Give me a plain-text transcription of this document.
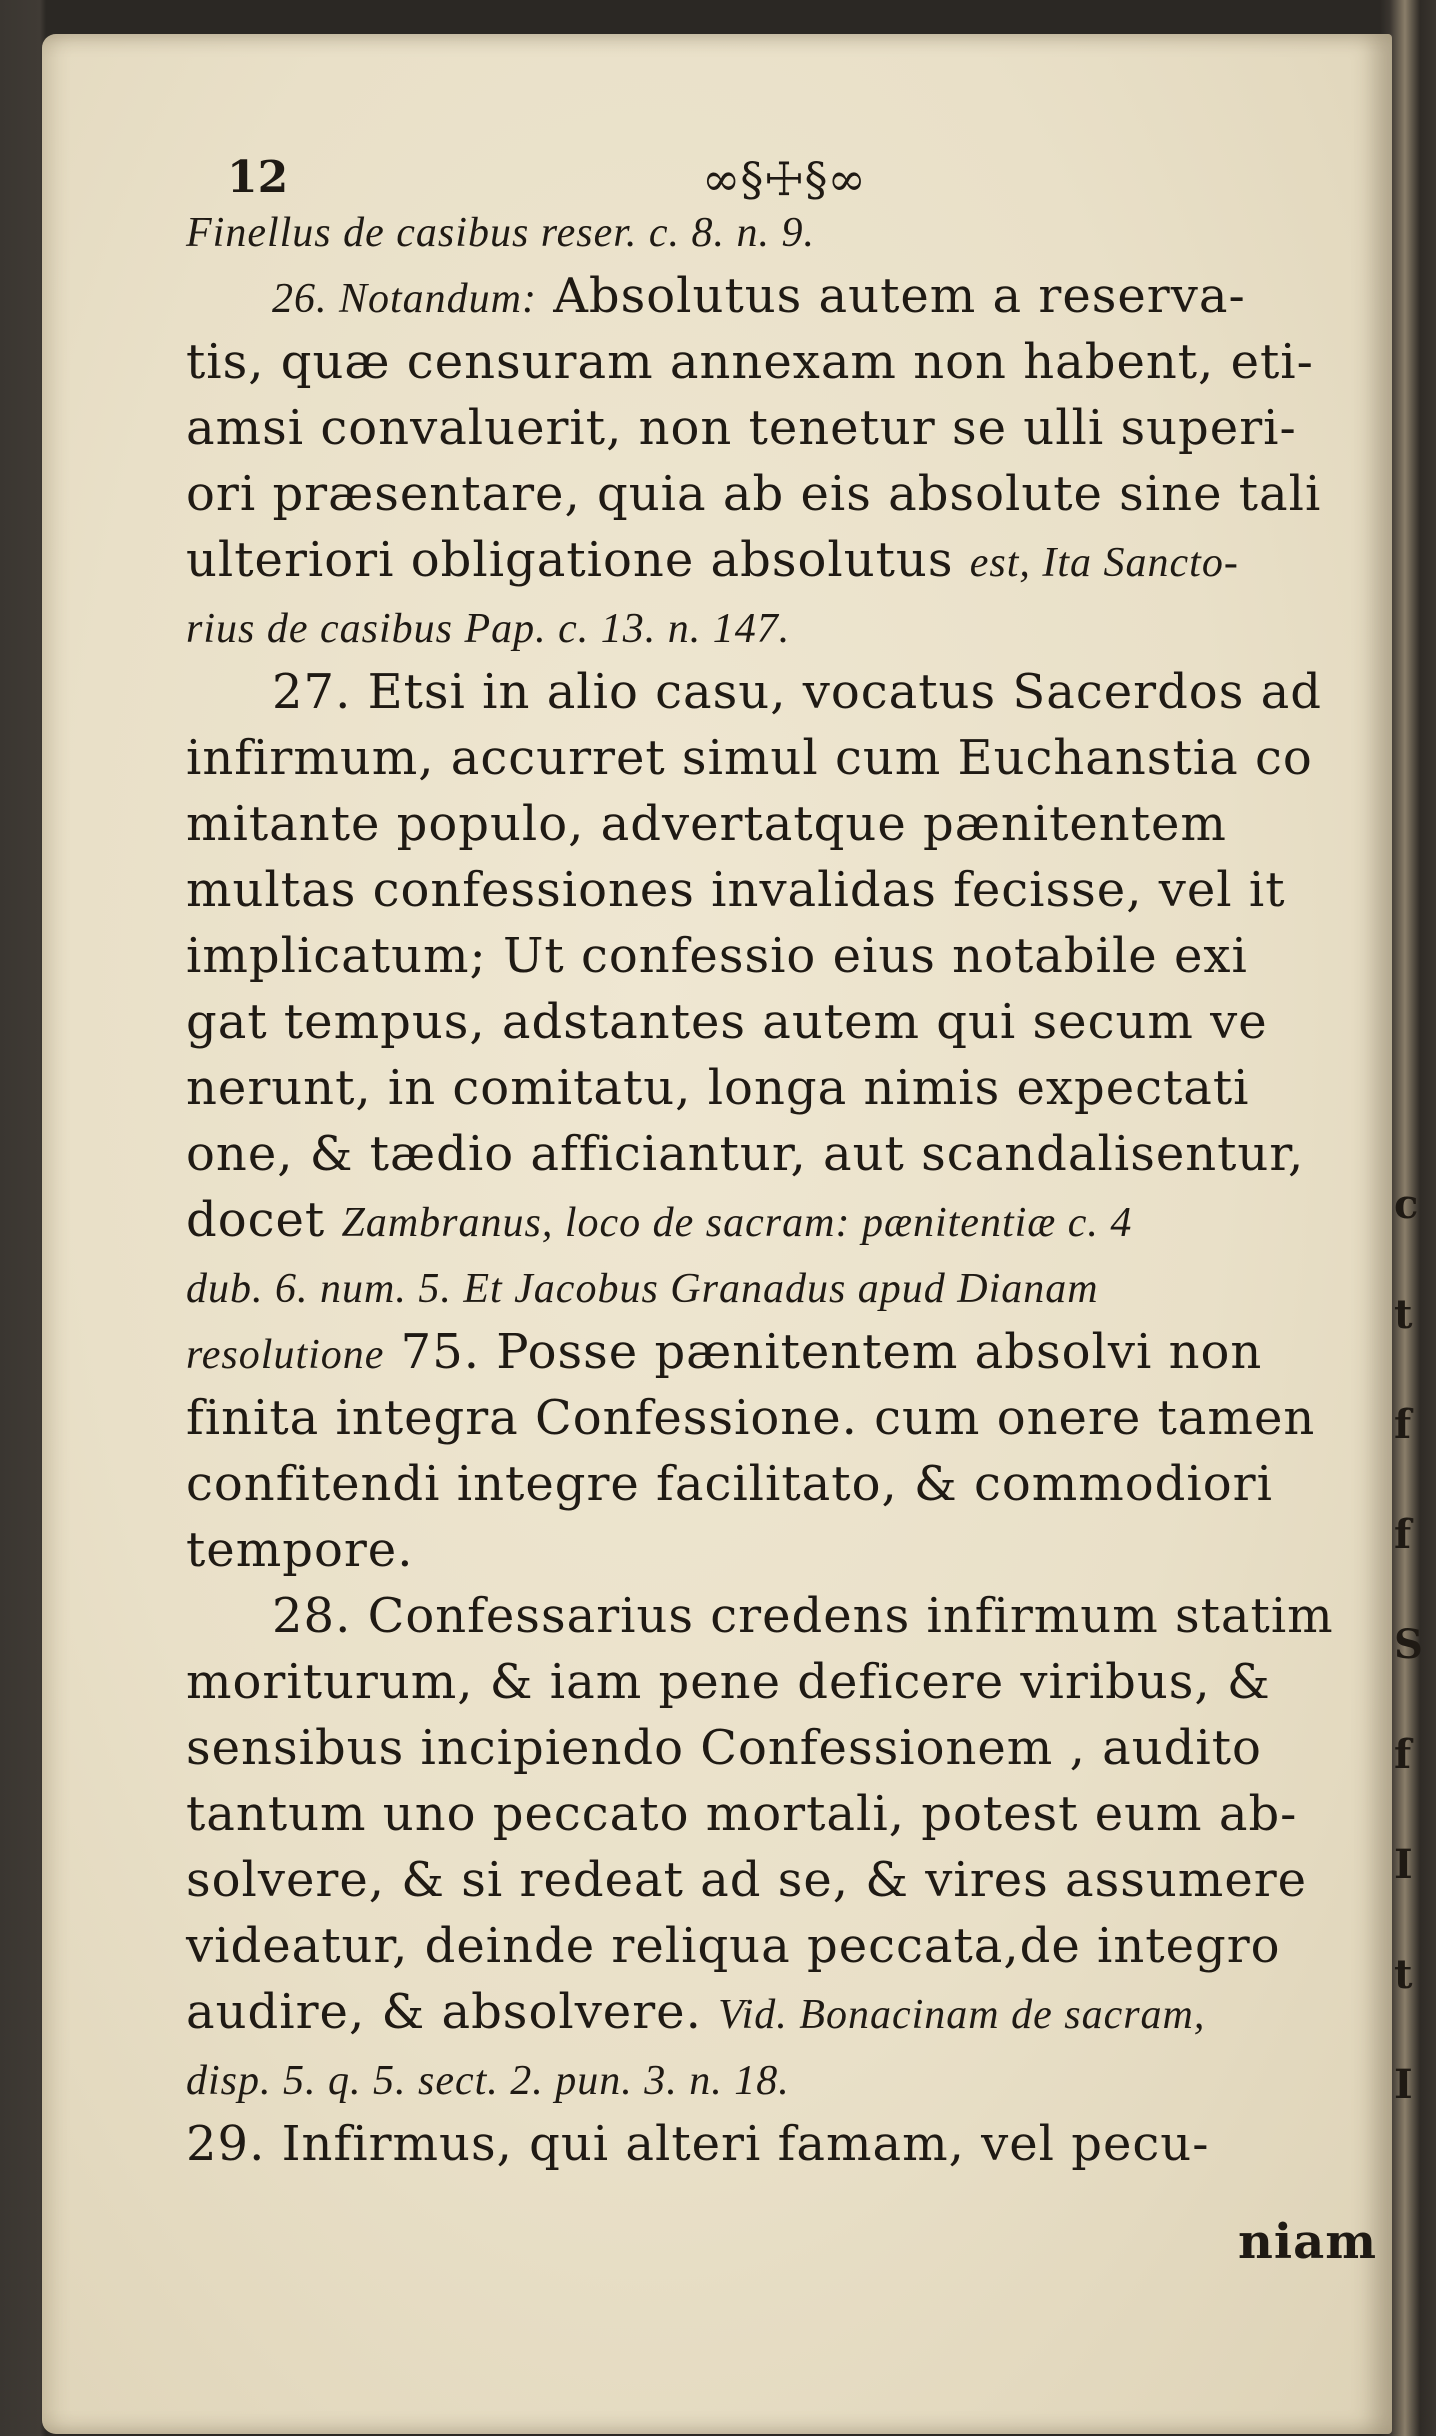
12	∞§☩§∞
Finellus de casibus reser. c. 8. n. 9.
26. Notandum: Absolutus autem a reserva-
tis, quæ censuram annexam non habent, eti-
amsi convaluerit, non tenetur se ulli superi-
ori præsentare, quia ab eis absolute sine tali
ulteriori obligatione absolutus est, Ita Sancto-
rius de casibus Pap. c. 13. n. 147.
27. Etsi in alio casu, vocatus Sacerdos ad
infirmum, accurret simul cum Euchanstia co
mitante populo, advertatque pænitentem
multas confessiones invalidas fecisse, vel it
implicatum; Ut confessio eius notabile exi
gat tempus, adstantes autem qui secum ve
nerunt, in comitatu, longa nimis expectati
one, & tædio afficiantur, aut scandalisentur,
docet Zambranus, loco de sacram: pænitentiæ c. 4
dub. 6. num. 5. Et Jacobus Granadus apud Dianam
resolutione 75. Posse pænitentem absolvi non
finita integra Confessione. cum onere tamen
confitendi integre facilitato, & commodiori
tempore.
28. Confessarius credens infirmum statim
moriturum, & iam pene deficere viribus, &
sensibus incipiendo Confessionem , audito
tantum uno peccato mortali, potest eum ab-
solvere, & si redeat ad se, & vires assumere
videatur, deinde reliqua peccata,de integro
audire, & absolvere. Vid. Bonacinam de sacram,
disp. 5. q. 5. sect. 2. pun. 3. n. 18.
29. Infirmus, qui alteri famam, vel pecu-
niam
c
t
f
f
S
f
I
t
I
